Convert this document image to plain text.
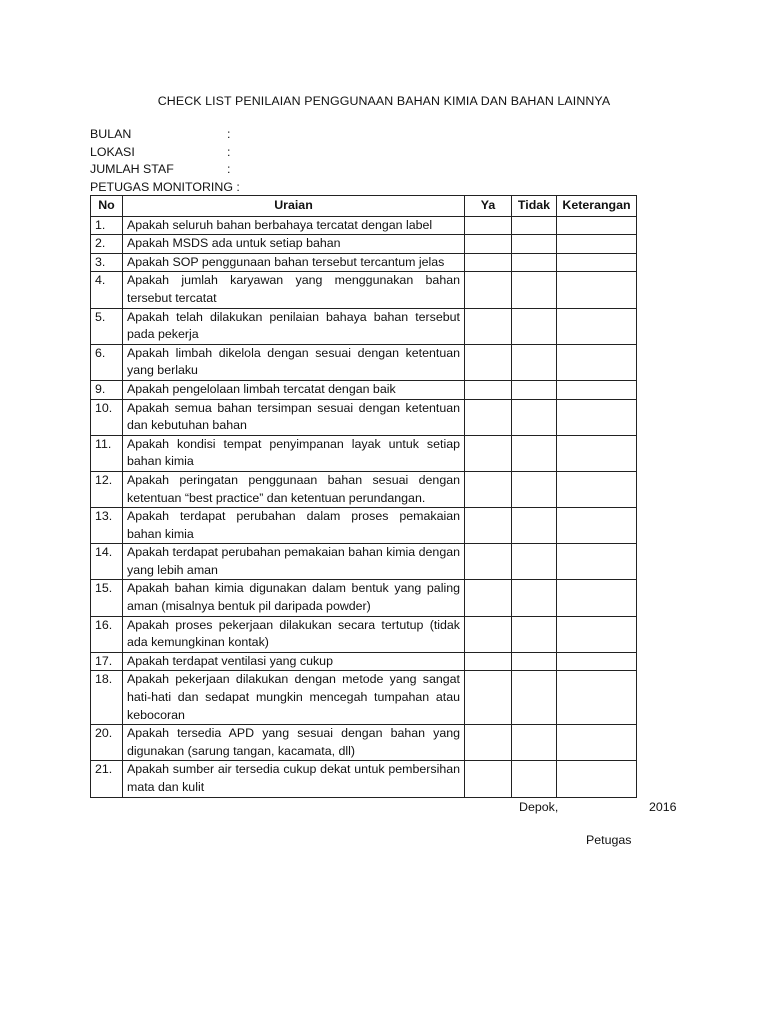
CHECK LIST PENILAIAN PENGGUNAAN BAHAN KIMIA DAN BAHAN LAINNYA
BULAN	:
LOKASI	:
JUMLAH STAF	:
PETUGAS MONITORING :
No	Uraian	Ya	Tidak	Keterangan
1.	Apakah seluruh bahan berbahaya tercatat dengan label			
2.	Apakah MSDS ada untuk setiap bahan			
3.	Apakah SOP penggunaan bahan tersebut tercantum jelas			
4.	Apakah jumlah karyawan yang menggunakan bahan tersebut tercatat			
5.	Apakah telah dilakukan penilaian bahaya bahan tersebut pada pekerja			
6.	Apakah limbah dikelola dengan sesuai dengan ketentuan yang berlaku			
9.	Apakah pengelolaan limbah tercatat dengan baik			
10.	Apakah semua bahan tersimpan sesuai dengan ketentuan dan kebutuhan bahan			
11.	Apakah kondisi tempat penyimpanan layak untuk setiap bahan kimia			
12.	Apakah peringatan penggunaan bahan sesuai dengan ketentuan “best practice” dan ketentuan perundangan.			
13.	Apakah terdapat perubahan dalam proses pemakaian bahan kimia			
14.	Apakah terdapat perubahan pemakaian bahan kimia dengan yang lebih aman			
15.	Apakah bahan kimia digunakan dalam bentuk yang paling aman (misalnya bentuk pil daripada powder)			
16.	Apakah proses pekerjaan dilakukan secara tertutup (tidak ada kemungkinan kontak)			
17.	Apakah terdapat ventilasi yang cukup			
18.	Apakah pekerjaan dilakukan dengan metode yang sangat hati-hati dan sedapat mungkin mencegah tumpahan atau kebocoran			
20.	Apakah tersedia APD yang sesuai dengan bahan yang digunakan (sarung tangan, kacamata, dll)			
21.	Apakah sumber air tersedia cukup dekat untuk pembersihan mata dan kulit			
Depok,	2016
Petugas
